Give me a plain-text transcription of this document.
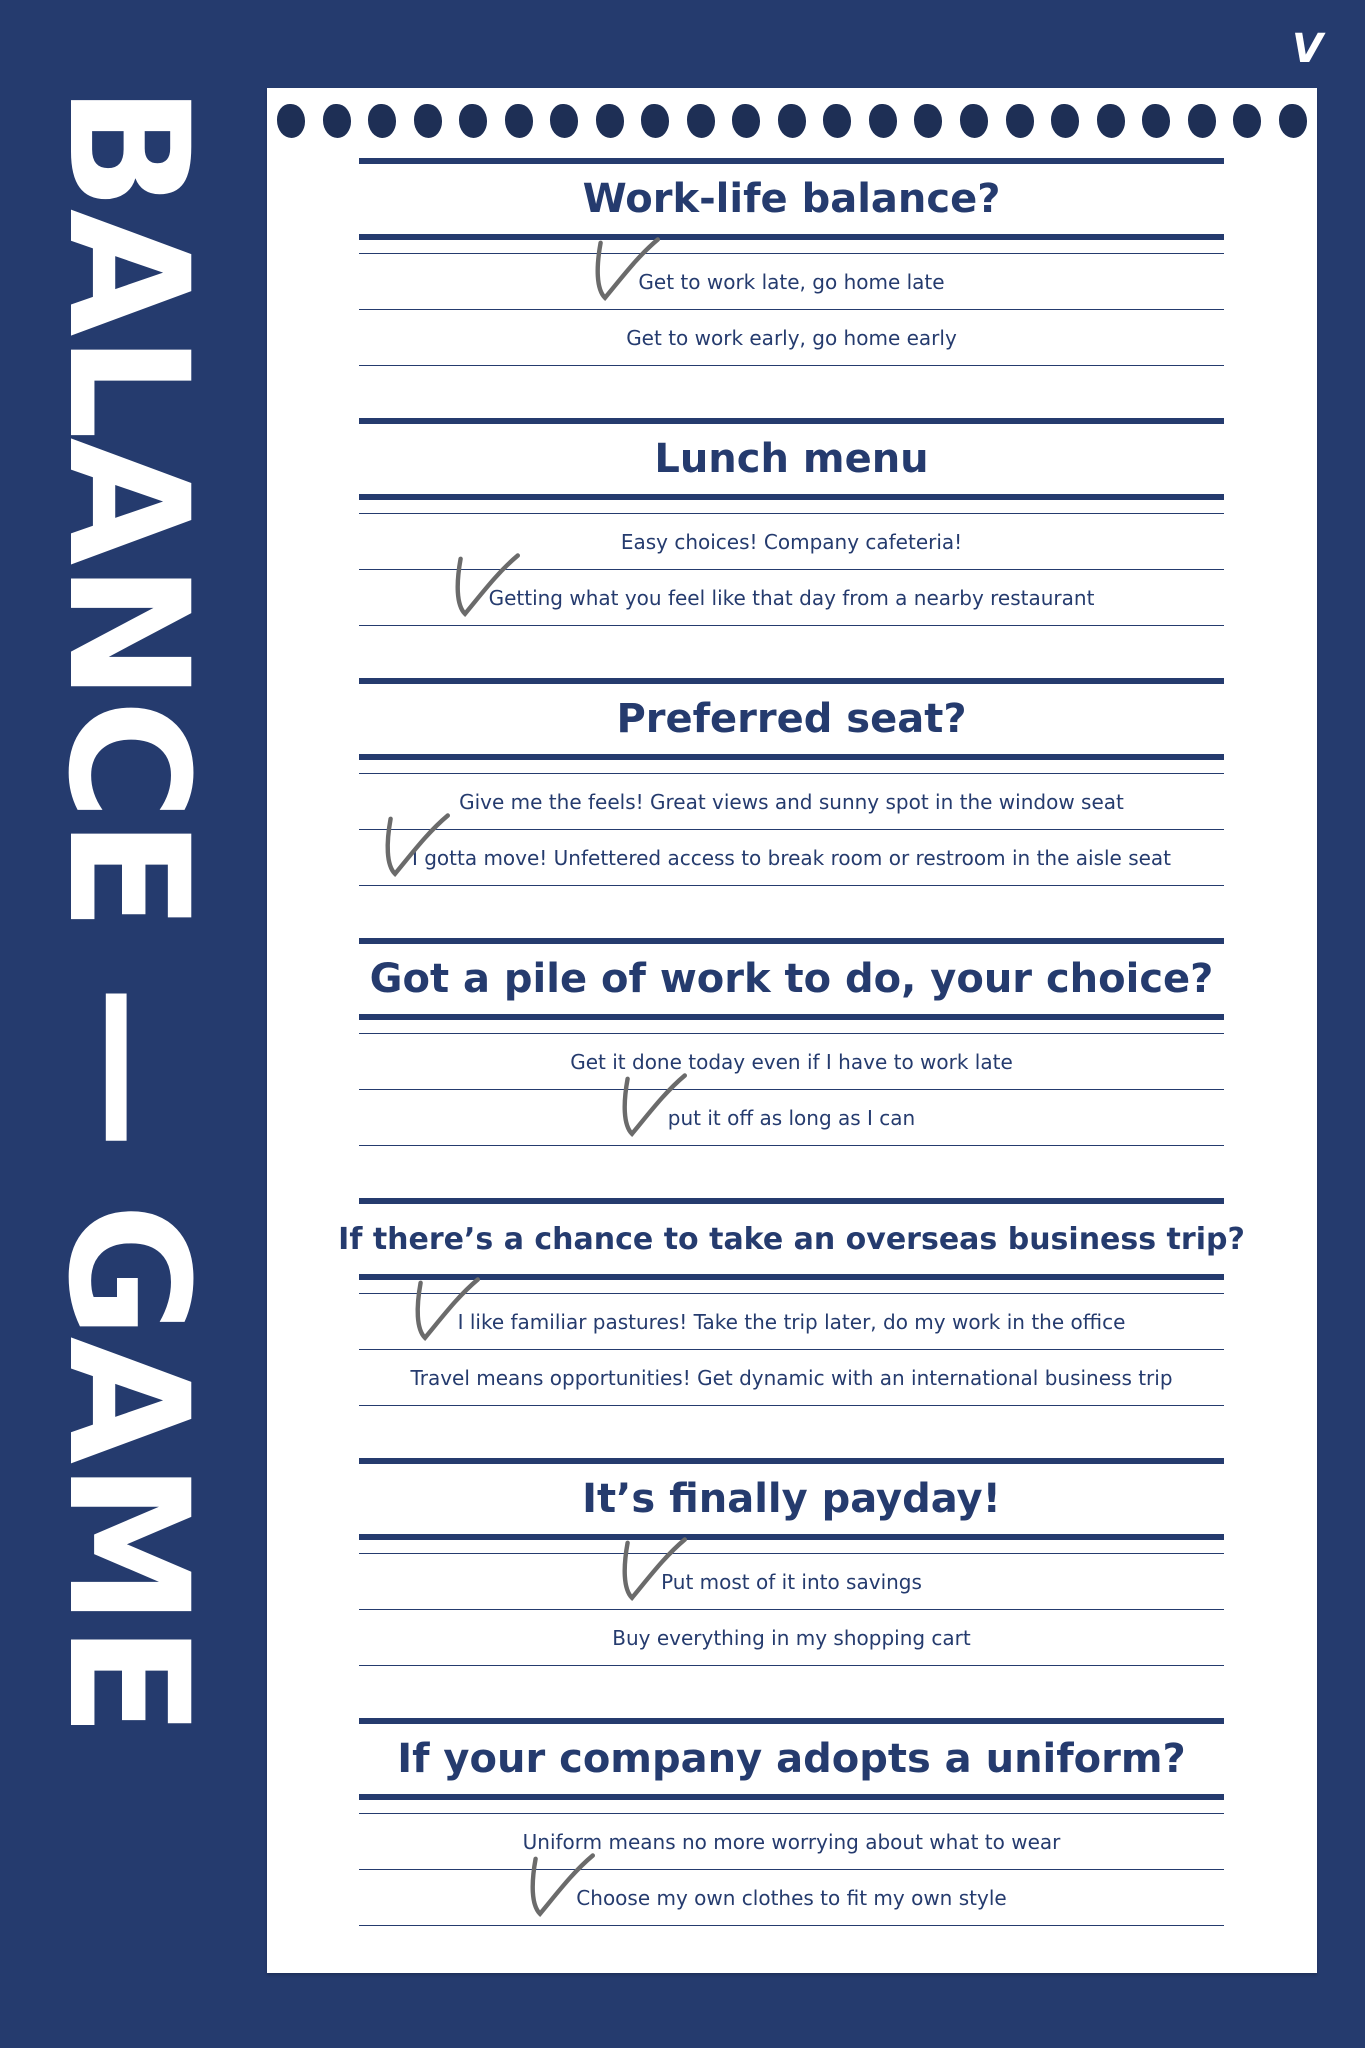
V
BALANCE — GAME	Work-life balance?
Get to work late, go home late
Get to work early, go home early
Lunch menu
Easy choices! Company cafeteria!
Getting what you feel like that day from a nearby restaurant
Preferred seat?
Give me the feels! Great views and sunny spot in the window seat
I gotta move! Unfettered access to break room or restroom in the aisle seat
Got a pile of work to do, your choice?
Get it done today even if I have to work late
put it off as long as I can
If there’s a chance to take an overseas business trip?
I like familiar pastures! Take the trip later, do my work in the office
Travel means opportunities! Get dynamic with an international business trip
It’s finally payday!
Put most of it into savings
Buy everything in my shopping cart
If your company adopts a uniform?
Uniform means no more worrying about what to wear
Choose my own clothes to fit my own style
